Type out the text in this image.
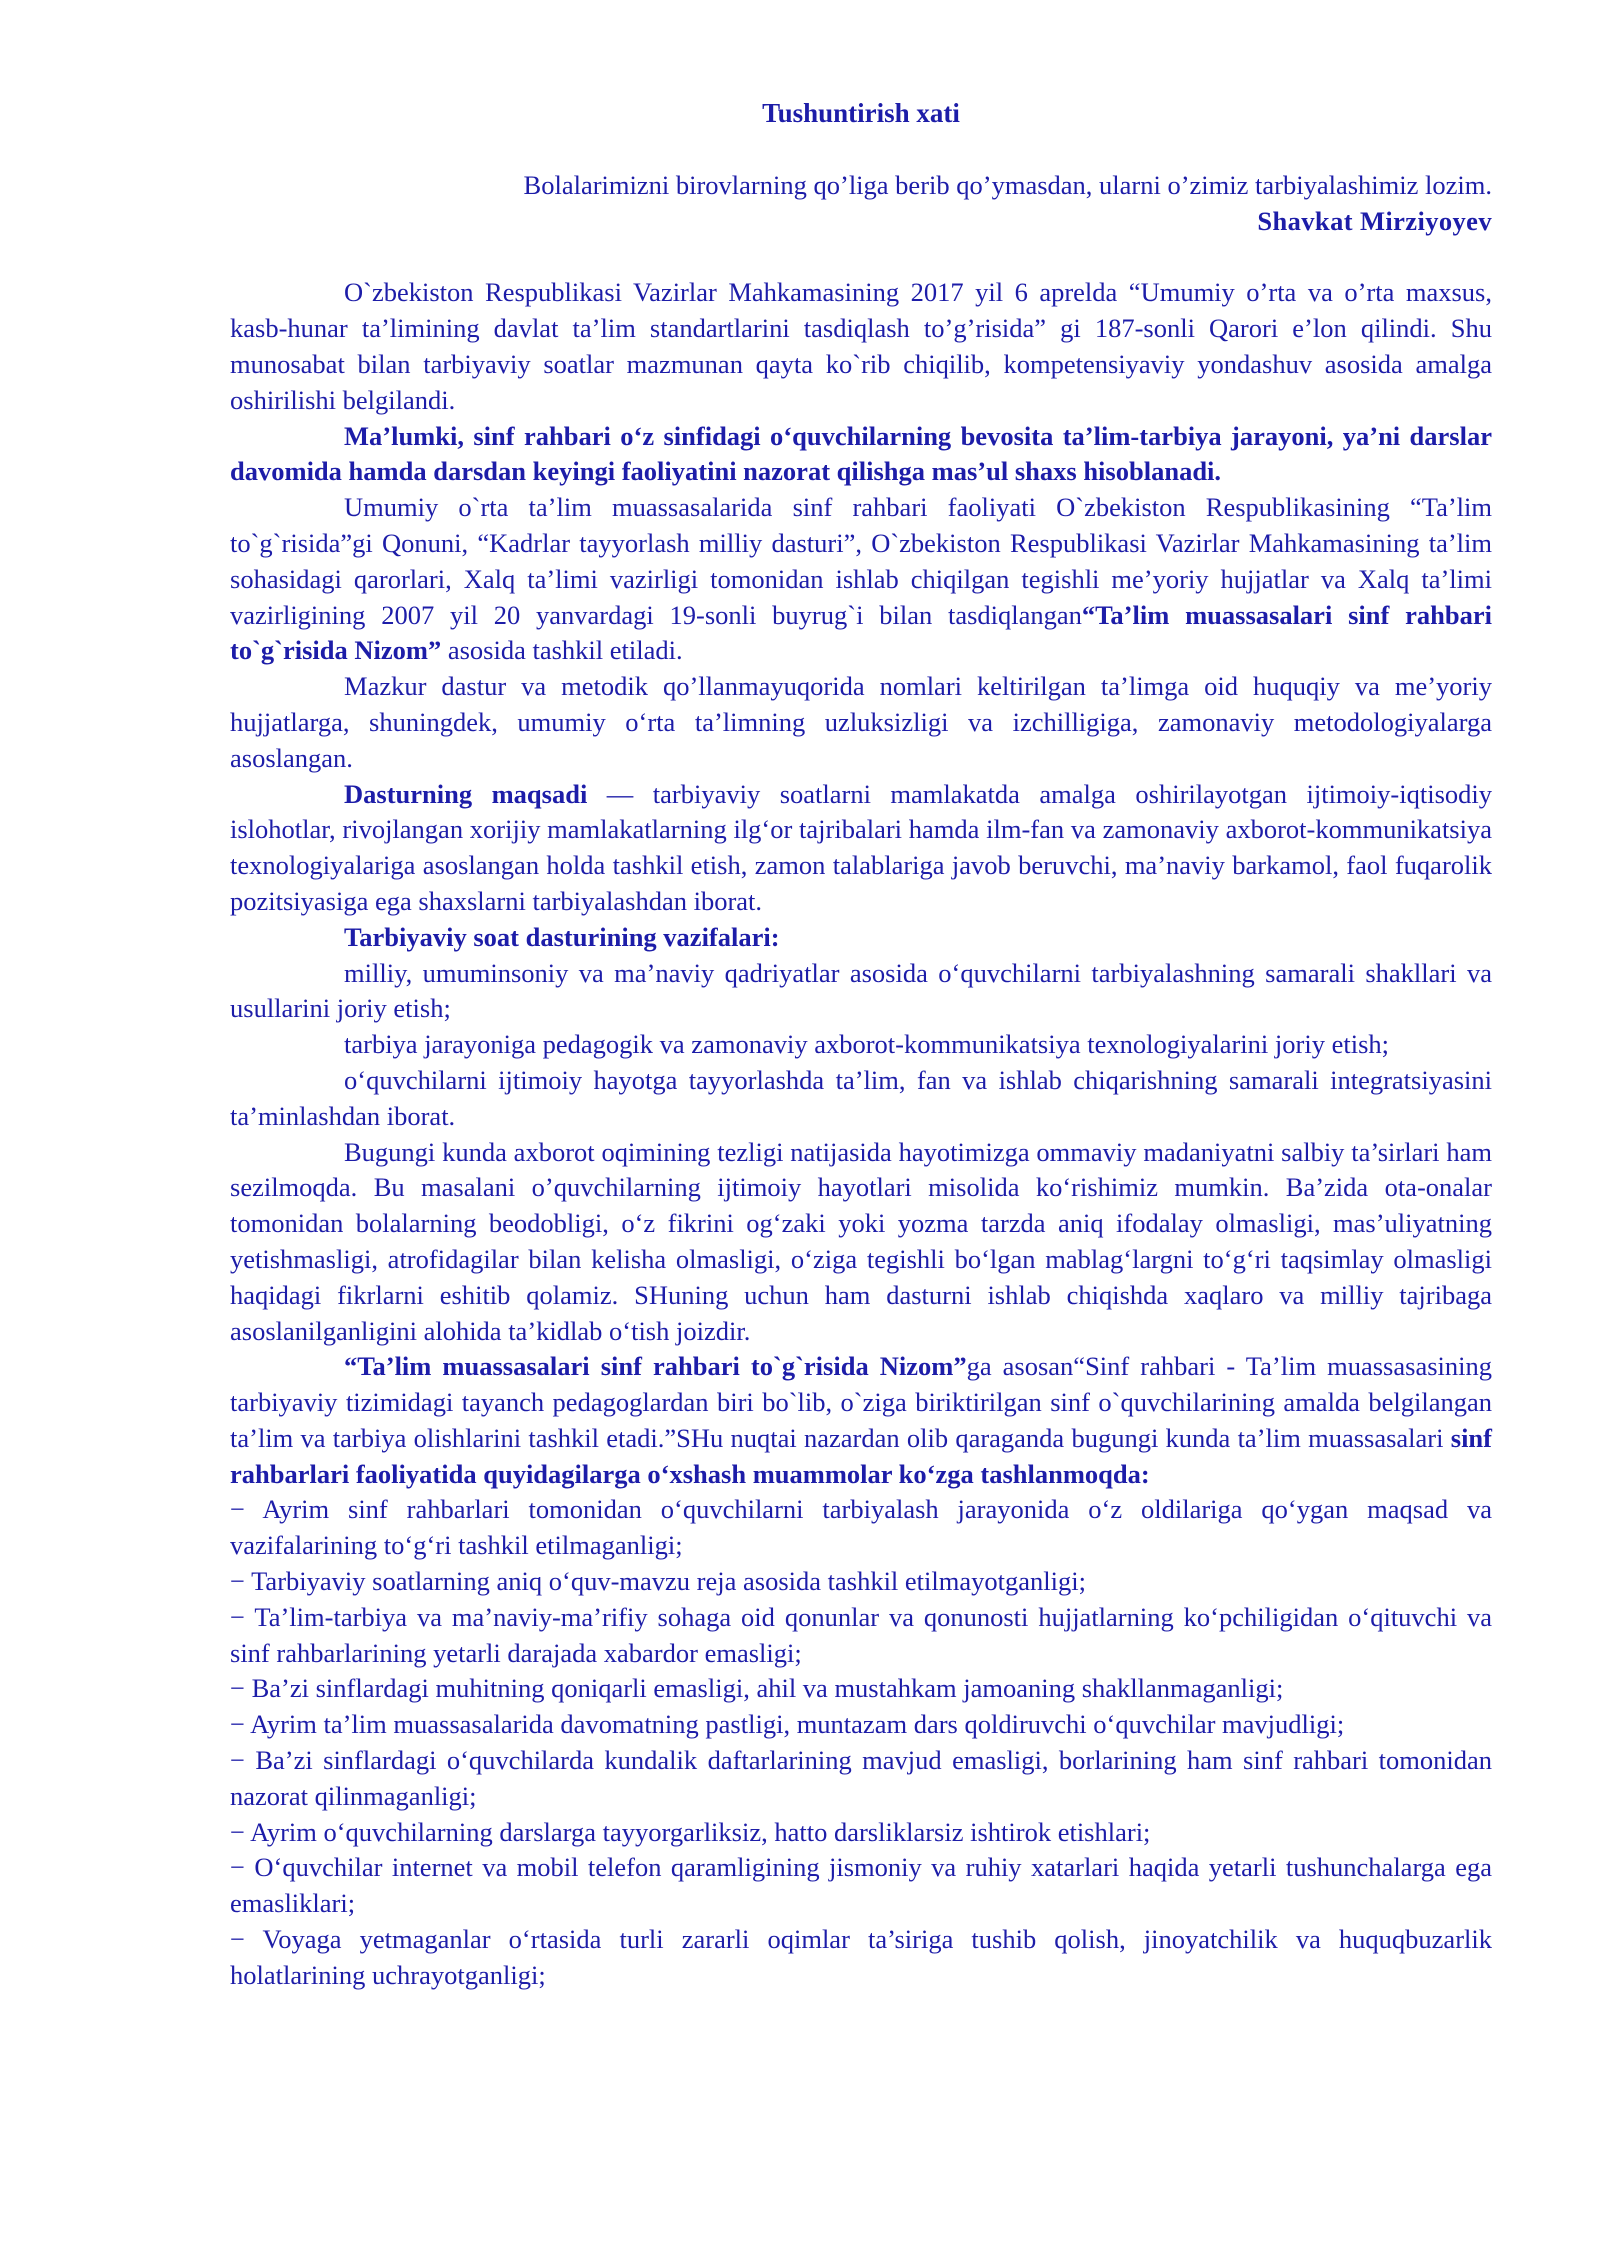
Tushuntirish xati

Bolalarimizni birovlarning qo’liga berib qo’ymasdan, ularni o’zimiz tarbiyalashimiz lozim.

Shavkat Mirziyoyev

O`zbekiston Respublikasi Vazirlar Mahkamasining 2017 yil 6 aprelda “Umumiy o’rta va o’rta maxsus, kasb-hunar ta’limining davlat ta’lim standartlarini tasdiqlash to’g’risida” gi 187-sonli Qarori e’lon qilindi. Shu munosabat bilan tarbiyaviy soatlar mazmunan qayta ko`rib chiqilib, kompetensiyaviy yondashuv asosida amalga oshirilishi belgilandi.

Ma’lumki, sinf rahbari o‘z sinfidagi o‘quvchilarning bevosita ta’lim-tarbiya jarayoni, ya’ni darslar davomida hamda darsdan keyingi faoliyatini nazorat qilishga mas’ul shaxs hisoblanadi.

Umumiy o`rta ta’lim muassasalarida sinf rahbari faoliyati O`zbekiston Respublikasining “Ta’lim to`g`risida”gi Qonuni, “Kadrlar tayyorlash milliy dasturi”, O`zbekiston Respublikasi Vazirlar Mahkamasining ta’lim sohasidagi qarorlari, Xalq ta’limi vazirligi tomonidan ishlab chiqilgan tegishli me’yoriy hujjatlar va Xalq ta’limi vazirligining 2007 yil 20 yanvardagi 19-sonli buyrug`i bilan tasdiqlangan“Ta’lim muassasalari sinf rahbari to`g`risida Nizom” asosida tashkil etiladi.

Mazkur dastur va metodik qo’llanmayuqorida nomlari keltirilgan ta’limga oid huquqiy va me’yoriy hujjatlarga, shuningdek, umumiy o‘rta ta’limning uzluksizligi va izchilligiga, zamonaviy metodologiyalarga asoslangan.

Dasturning maqsadi — tarbiyaviy soatlarni mamlakatda amalga oshirilayotgan ijtimoiy-iqtisodiy islohotlar, rivojlangan xorijiy mamlakatlarning ilg‘or tajribalari hamda ilm-fan va zamonaviy axborot-kommunikatsiya texnologiyalariga asoslangan holda tashkil etish, zamon talablariga javob beruvchi, ma’naviy barkamol, faol fuqarolik pozitsiyasiga ega shaxslarni tarbiyalashdan iborat.

Tarbiyaviy soat dasturining vazifalari:

milliy, umuminsoniy va ma’naviy qadriyatlar asosida o‘quvchilarni tarbiyalashning samarali shakllari va usullarini joriy etish;

tarbiya jarayoniga pedagogik va zamonaviy axborot-kommunikatsiya texnologiyalarini joriy etish;

o‘quvchilarni ijtimoiy hayotga tayyorlashda ta’lim, fan va ishlab chiqarishning samarali integratsiyasini ta’minlashdan iborat.

Bugungi kunda axborot oqimining tezligi natijasida hayotimizga ommaviy madaniyatni salbiy ta’sirlari ham sezilmoqda. Bu masalani o’quvchilarning ijtimoiy hayotlari misolida ko‘rishimiz mumkin. Ba’zida ota-onalar tomonidan bolalarning beodobligi, o‘z fikrini og‘zaki yoki yozma tarzda aniq ifodalay olmasligi, mas’uliyatning yetishmasligi, atrofidagilar bilan kelisha olmasligi, o‘ziga tegishli bo‘lgan mablag‘largni to‘g‘ri taqsimlay olmasligi haqidagi fikrlarni eshitib qolamiz. SHuning uchun ham dasturni ishlab chiqishda xaqlaro va milliy tajribaga asoslanilganligini alohida ta’kidlab o‘tish joizdir.

“Ta’lim muassasalari sinf rahbari to`g`risida Nizom”ga asosan“Sinf rahbari - Ta’lim muassasasining tarbiyaviy tizimidagi tayanch pedagoglardan biri bo`lib, o`ziga biriktirilgan sinf o`quvchilarining amalda belgilangan ta’lim va tarbiya olishlarini tashkil etadi.”SHu nuqtai nazardan olib qaraganda bugungi kunda ta’lim muassasalari sinf rahbarlari faoliyatida quyidagilarga o‘xshash muammolar ko‘zga tashlanmoqda:

− Ayrim sinf rahbarlari tomonidan o‘quvchilarni tarbiyalash jarayonida o‘z oldilariga qo‘ygan maqsad va vazifalarining to‘g‘ri tashkil etilmaganligi;

− Tarbiyaviy soatlarning aniq o‘quv-mavzu reja asosida tashkil etilmayotganligi;

− Ta’lim-tarbiya va ma’naviy-ma’rifiy sohaga oid qonunlar va qonunosti hujjatlarning ko‘pchiligidan o‘qituvchi va sinf rahbarlarining yetarli darajada xabardor emasligi;

− Ba’zi sinflardagi muhitning qoniqarli emasligi, ahil va mustahkam jamoaning shakllanmaganligi;

− Ayrim ta’lim muassasalarida davomatning pastligi, muntazam dars qoldiruvchi o‘quvchilar mavjudligi;

− Ba’zi sinflardagi o‘quvchilarda kundalik daftarlarining mavjud emasligi, borlarining ham sinf rahbari tomonidan nazorat qilinmaganligi;

− Ayrim o‘quvchilarning darslarga tayyorgarliksiz, hatto darsliklarsiz ishtirok etishlari;

− O‘quvchilar internet va mobil telefon qaramligining jismoniy va ruhiy xatarlari haqida yetarli tushunchalarga ega emasliklari;

− Voyaga yetmaganlar o‘rtasida turli zararli oqimlar ta’siriga tushib qolish, jinoyatchilik va huquqbuzarlik holatlarining uchrayotganligi;
